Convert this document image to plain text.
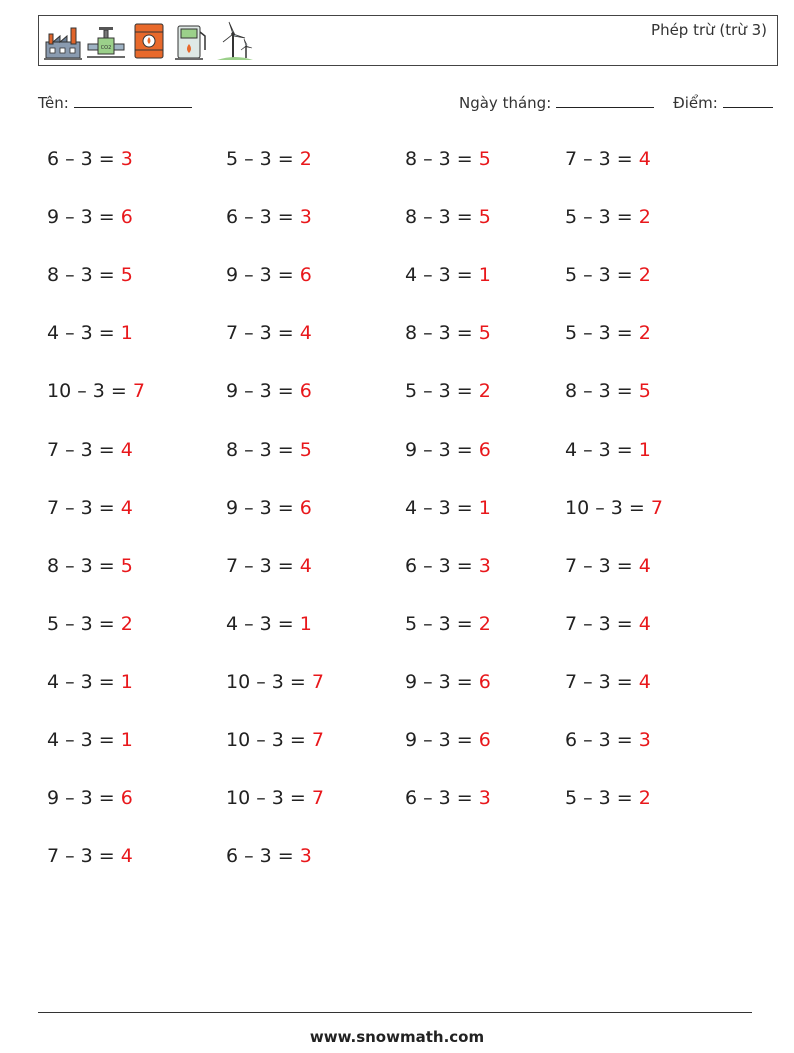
CO2
Phép trừ (trừ 3)
Tên:	Ngày tháng:	Điểm:
6 – 3 = 3	5 – 3 = 2	8 – 3 = 5	7 – 3 = 4
9 – 3 = 6	6 – 3 = 3	8 – 3 = 5	5 – 3 = 2
8 – 3 = 5	9 – 3 = 6	4 – 3 = 1	5 – 3 = 2
4 – 3 = 1	7 – 3 = 4	8 – 3 = 5	5 – 3 = 2
10 – 3 = 7	9 – 3 = 6	5 – 3 = 2	8 – 3 = 5
7 – 3 = 4	8 – 3 = 5	9 – 3 = 6	4 – 3 = 1
7 – 3 = 4	9 – 3 = 6	4 – 3 = 1	10 – 3 = 7
8 – 3 = 5	7 – 3 = 4	6 – 3 = 3	7 – 3 = 4
5 – 3 = 2	4 – 3 = 1	5 – 3 = 2	7 – 3 = 4
4 – 3 = 1	10 – 3 = 7	9 – 3 = 6	7 – 3 = 4
4 – 3 = 1	10 – 3 = 7	9 – 3 = 6	6 – 3 = 3
9 – 3 = 6	10 – 3 = 7	6 – 3 = 3	5 – 3 = 2
7 – 3 = 4	6 – 3 = 3
www.snowmath.com
